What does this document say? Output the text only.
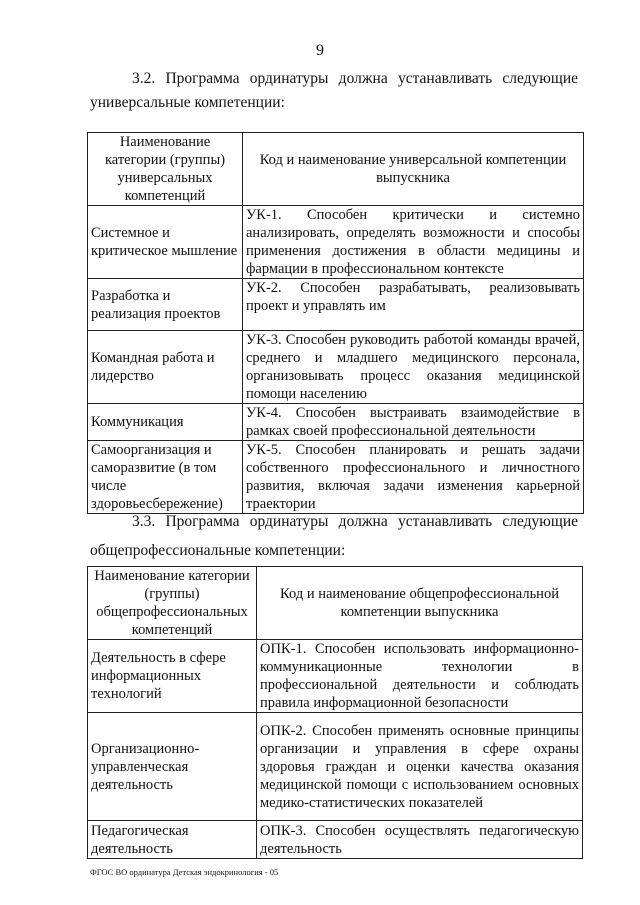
9
3.2. Программа ординатуры должна устанавливать следующие
универсальные компетенции:
Наименование категории (группы) универсальных компетенций	Код и наименование универсальной компетенции выпускника
Системное и критическое мышление	УК-1. Способен критически и системно анализировать, определять возможности и способы применения достижения в области медицины и фармации в профессиональном контексте
Разработка и реализация проектов	УК-2. Способен разрабатывать, реализовывать проект и управлять им
Командная работа и лидерство	УК-3. Способен руководить работой команды врачей, среднего и младшего медицинского персонала, организовывать процесс оказания медицинской помощи населению
Коммуникация	УК-4. Способен выстраивать взаимодействие в рамках своей профессиональной деятельности
Самоорганизация и саморазвитие (в том числе здоровьесбережение)	УК-5. Способен планировать и решать задачи собственного профессионального и личностного развития, включая задачи изменения карьерной траектории
3.3. Программа ординатуры должна устанавливать следующие
общепрофессиональные компетенции:
Наименование категории (группы) общепрофессиональных компетенций	Код и наименование общепрофессиональной компетенции выпускника
Деятельность в сфере информационных технологий	ОПК-1. Способен использовать информационно-коммуникационные технологии в профессиональной деятельности и соблюдать правила информационной безопасности
Организационно-управленческая деятельность	ОПК-2. Способен применять основные принципы организации и управления в сфере охраны здоровья граждан и оценки качества оказания медицинской помощи с использованием основных медико-статистических показателей
Педагогическая деятельность	ОПК-3. Способен осуществлять педагогическую деятельность
ФГОС ВО ординатура Детская эндокринология - 05
